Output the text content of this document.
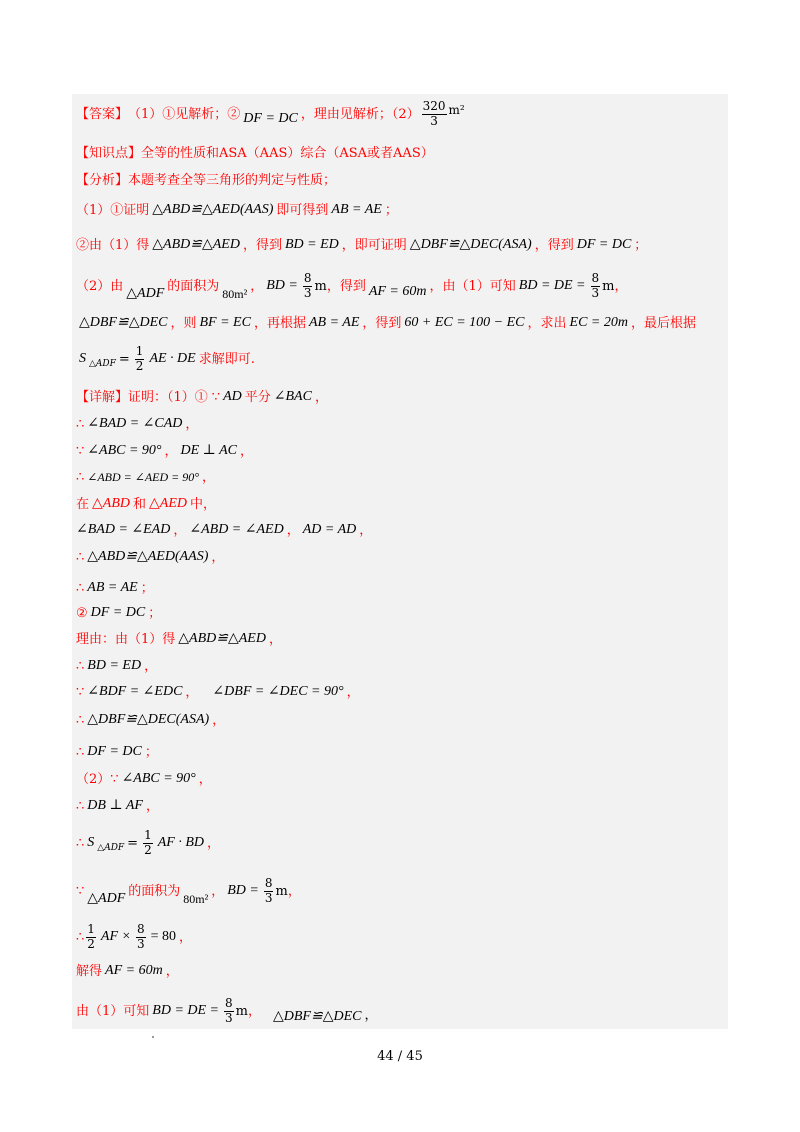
【答案】 （1）①见解析；② DF = DC ，理由见解析；$(2) \frac{320}{3} m^2$
【知识点】全等的性质和ASA（AAS）综合（ASA或者AAS）
【分析】 本题考查全等三角形的判定与性质；
（1）①证明 △ABD≌△AED(AAS) 即可得到 AB = AE ；
②由（1）得 △ABD≌△AED ，得到 BD = ED ，即可证明 △DBF≌△DEC(ASA) ，得到 DF = DC ；
（2）由 △ADF 的面积为
80m²
， BD = $\frac{8}{3}$ m ，得到 AF = 60m ，由（1）可知 BD = DE = $\frac{8}{3}$ m ，
△DBF≌△DEC ，则 BF = EC ，再根据 AB = AE ，得到 60 + EC = 100 − EC ，求出 EC = 20m ，最后根据
S △ADF = $\frac{1}{2}$ AE · DE 求解即可.
【详解】 证明：（1）① ∵ AD 平分 ∠BAC ，
∴ ∠BAD = ∠CAD ，
∵ ∠ABC = 90° ， DE ⊥ AC ，
∴ ∠ABD = ∠AED = 90° ，
在 △ABD 和 △AED 中，
∠BAD = ∠EAD ， ∠ABD = ∠AED ， AD = AD ，
∴ △ABD≌△AED(AAS) ，
∴ AB = AE ；
② DF = DC ；
理由：由（1）得 △ABD≌△AED ，
∴ BD = ED ，
∵ ∠BDF = ∠EDC ， ∠DBF = ∠DEC = 90° ，
∴ △DBF≌△DEC(ASA) ，
∴ DF = DC ；
（2） ∵ ∠ABC = 90° ，
∴ DB ⊥ AF ，
∴ S △ADF = $\frac{1}{2}$ AF · BD ，
∵ △ADF 的面积为
80m²
， BD = $\frac{8}{3}$ m ，
∴ $\frac{1}{2}$ AF × $\frac{8}{3} = 80$ ，
解得 AF = 60m ，
由（1）可知 BD = DE = $\frac{8}{3}$ m ， △DBF≌△DEC ，
44 / 45
